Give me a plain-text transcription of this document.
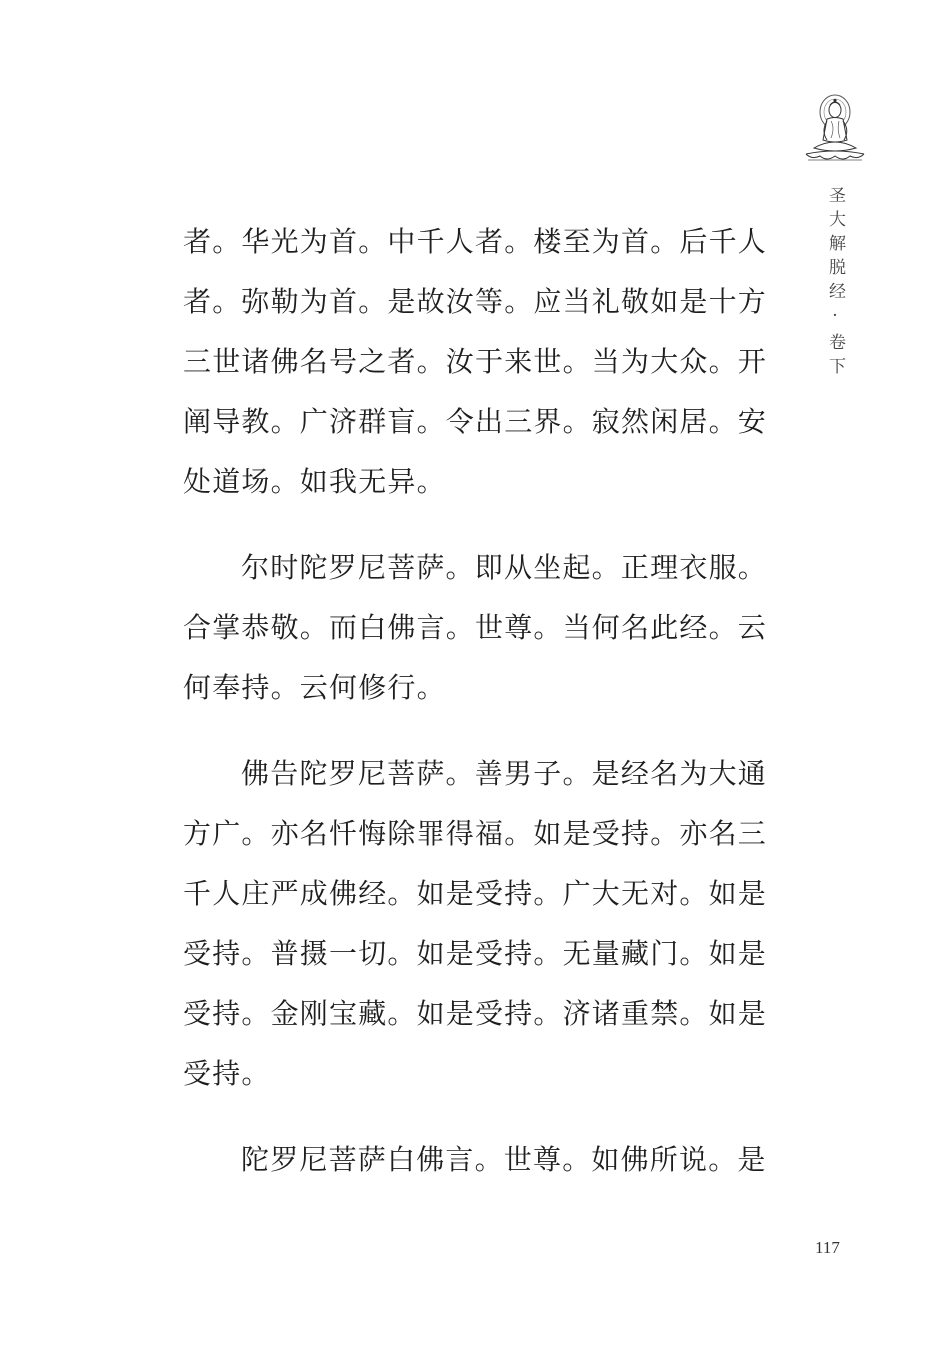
圣大解脱经·卷下

者。华光为首。中千人者。楼至为首。后千人者。弥勒为首。是故汝等。应当礼敬如是十方三世诸佛名号之者。汝于来世。当为大众。开阐导教。广济群盲。令出三界。寂然闲居。安处道场。如我无异。

尔时陀罗尼菩萨。即从坐起。正理衣服。合掌恭敬。而白佛言。世尊。当何名此经。云何奉持。云何修行。

佛告陀罗尼菩萨。善男子。是经名为大通方广。亦名忏悔除罪得福。如是受持。亦名三千人庄严成佛经。如是受持。广大无对。如是受持。普摄一切。如是受持。无量藏门。如是受持。金刚宝藏。如是受持。济诸重禁。如是受持。

陀罗尼菩萨白佛言。世尊。如佛所说。是

117
